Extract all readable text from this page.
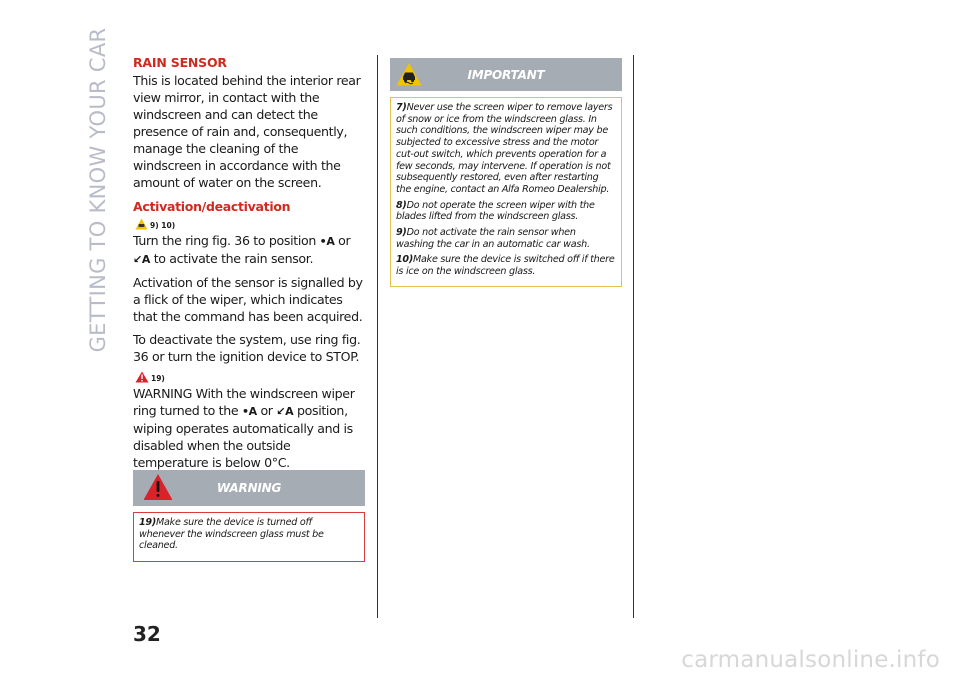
GETTING TO KNOW YOUR CAR RAIN SENSOR

This is located behind the interior rear view mirror, in contact with the windscreen and can detect the presence of rain and, consequently, manage the cleaning of the windscreen in accordance with the amount of water on the screen.

Activation/deactivation
9) 10)

Turn the ring fig. 36 to position •A or ↙A to activate the rain sensor.

Activation of the sensor is signalled by a flick of the wiper, which indicates that the command has been acquired.

To deactivate the system, use ring fig. 36 or turn the ignition device to STOP.

19)

WARNING With the windscreen wiper ring turned to the •A or ↙A position, wiping operates automatically and is disabled when the outside temperature is below 0°C.

WARNING

19)Make sure the device is turned off whenever the windscreen glass must be cleaned.

IMPORTANT

7)Never use the screen wiper to remove layers of snow or ice from the windscreen glass. In such conditions, the windscreen wiper may be subjected to excessive stress and the motor cut-out switch, which prevents operation for a few seconds, may intervene. If operation is not subsequently restored, even after restarting the engine, contact an Alfa Romeo Dealership.

8)Do not operate the screen wiper with the blades lifted from the windscreen glass.

9)Do not activate the rain sensor when washing the car in an automatic car wash.

10)Make sure the device is switched off if there is ice on the windscreen glass.

32
carmanualsonline.info
